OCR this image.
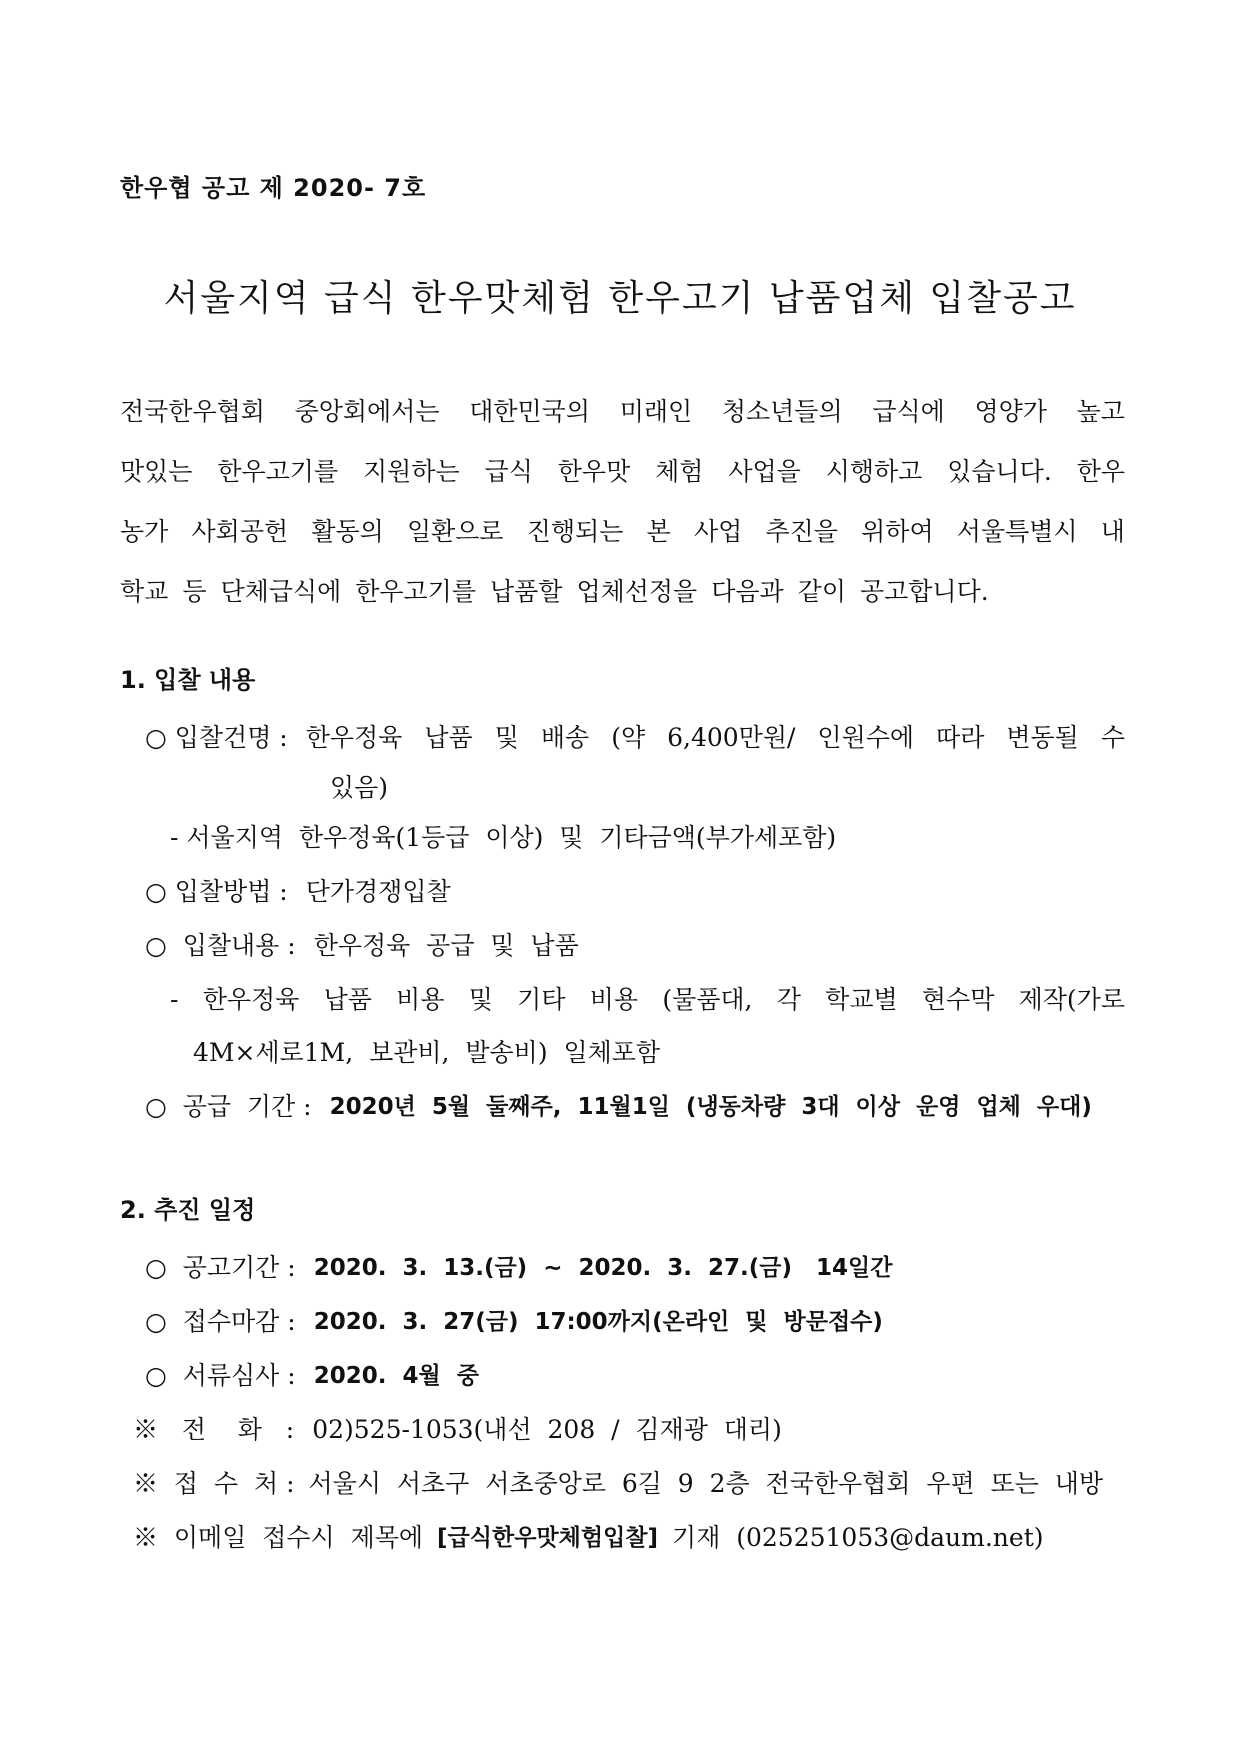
한우협 공고 제 2020- 7호
서울지역 급식 한우맛체험 한우고기 납품업체 입찰공고
전국한우협회 중앙회에서는 대한민국의 미래인 청소년들의 급식에 영양가 높고
맛있는 한우고기를 지원하는 급식 한우맛 체험 사업을 시행하고 있습니다. 한우
농가 사회공헌 활동의 일환으로 진행되는 본 사업 추진을 위하여 서울특별시 내
학교 등 단체급식에 한우고기를 납품할 업체선정을 다음과 같이 공고합니다.
1. 입찰 내용
○ 입찰건명 : 한우정육 납품 및 배송 (약 6,400만원/ 인원수에 따라 변동될 수
있음)
- 서울지역  한우정육(1등급  이상)  및  기타금액(부가세포함)
○ 입찰방법 : 단가경쟁입찰
○  입찰내용 : 한우정육  공급  및  납품
- 한우정육 납품 비용 및 기타 비용 (물품대, 각 학교별 현수막 제작(가로
4M×세로1M,  보관비,  발송비)  일체포함
○  공급  기간 : 2020년  5월  둘째주,  11월1일  (냉동차량  3대  이상  운영  업체  우대)
2. 추진 일정
○  공고기간 : 2020.  3.  13.(금)  ~  2020.  3.  27.(금)   14일간
○  접수마감 : 2020.  3.  27(금)  17:00까지(온라인  및  방문접수)
○  서류심사 : 2020.  4월  중
※   전    화   : 02)525-1053(내선  208  /  김재광  대리)
※  접  수  처 : 서울시  서초구  서초중앙로  6길  9  2층  전국한우협회  우편  또는  내방
※  이메일  접수시  제목에 [급식한우맛체험입찰] 기재  (025251053@daum.net)
